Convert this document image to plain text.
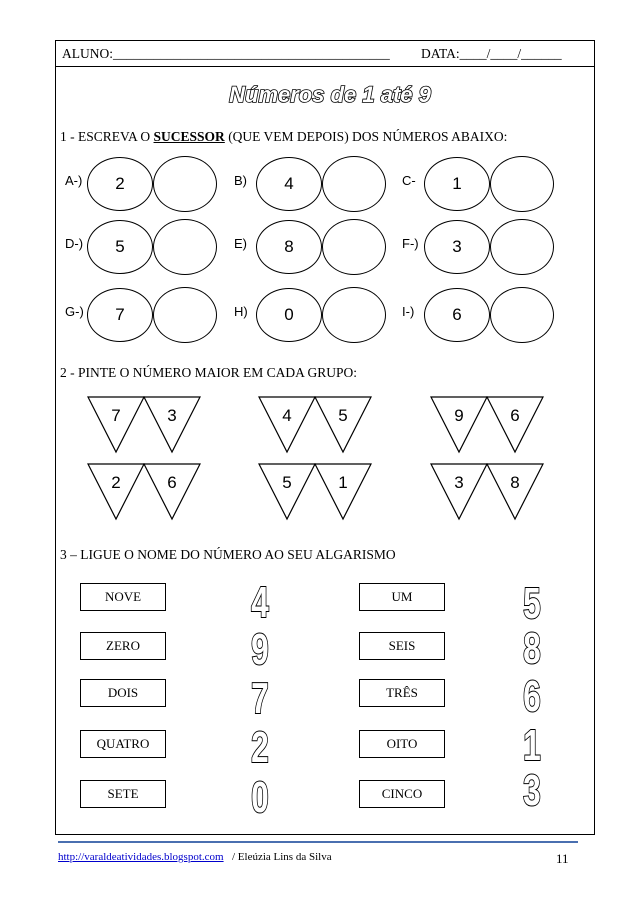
ALUNO:_________________________________________ DATA:____/____/______
Números de 1 até 9
1 - ESCREVA O SUCESSOR (QUE VEM DEPOIS) DOS NÚMEROS ABAIXO:
A-)	2	B)	4	C-	1
D-)	5	E)	8	F-)	3
G-)	7	H)	0	I-)	6
2 - PINTE O NÚMERO MAIOR EM CADA GRUPO:
7	3	4	5	9	6
2	6	5	1	3	8
3 – LIGUE O NOME DO NÚMERO AO SEU ALGARISMO
NOVE
ZERO
DOIS
QUATRO
SETE
4
9
7
2
0
UM
SEIS
TRÊS
OITO
CINCO
5
8
6
1
3
http://varaldeatividades.blogspot.com / Eleúzia Lins da Silva	11
